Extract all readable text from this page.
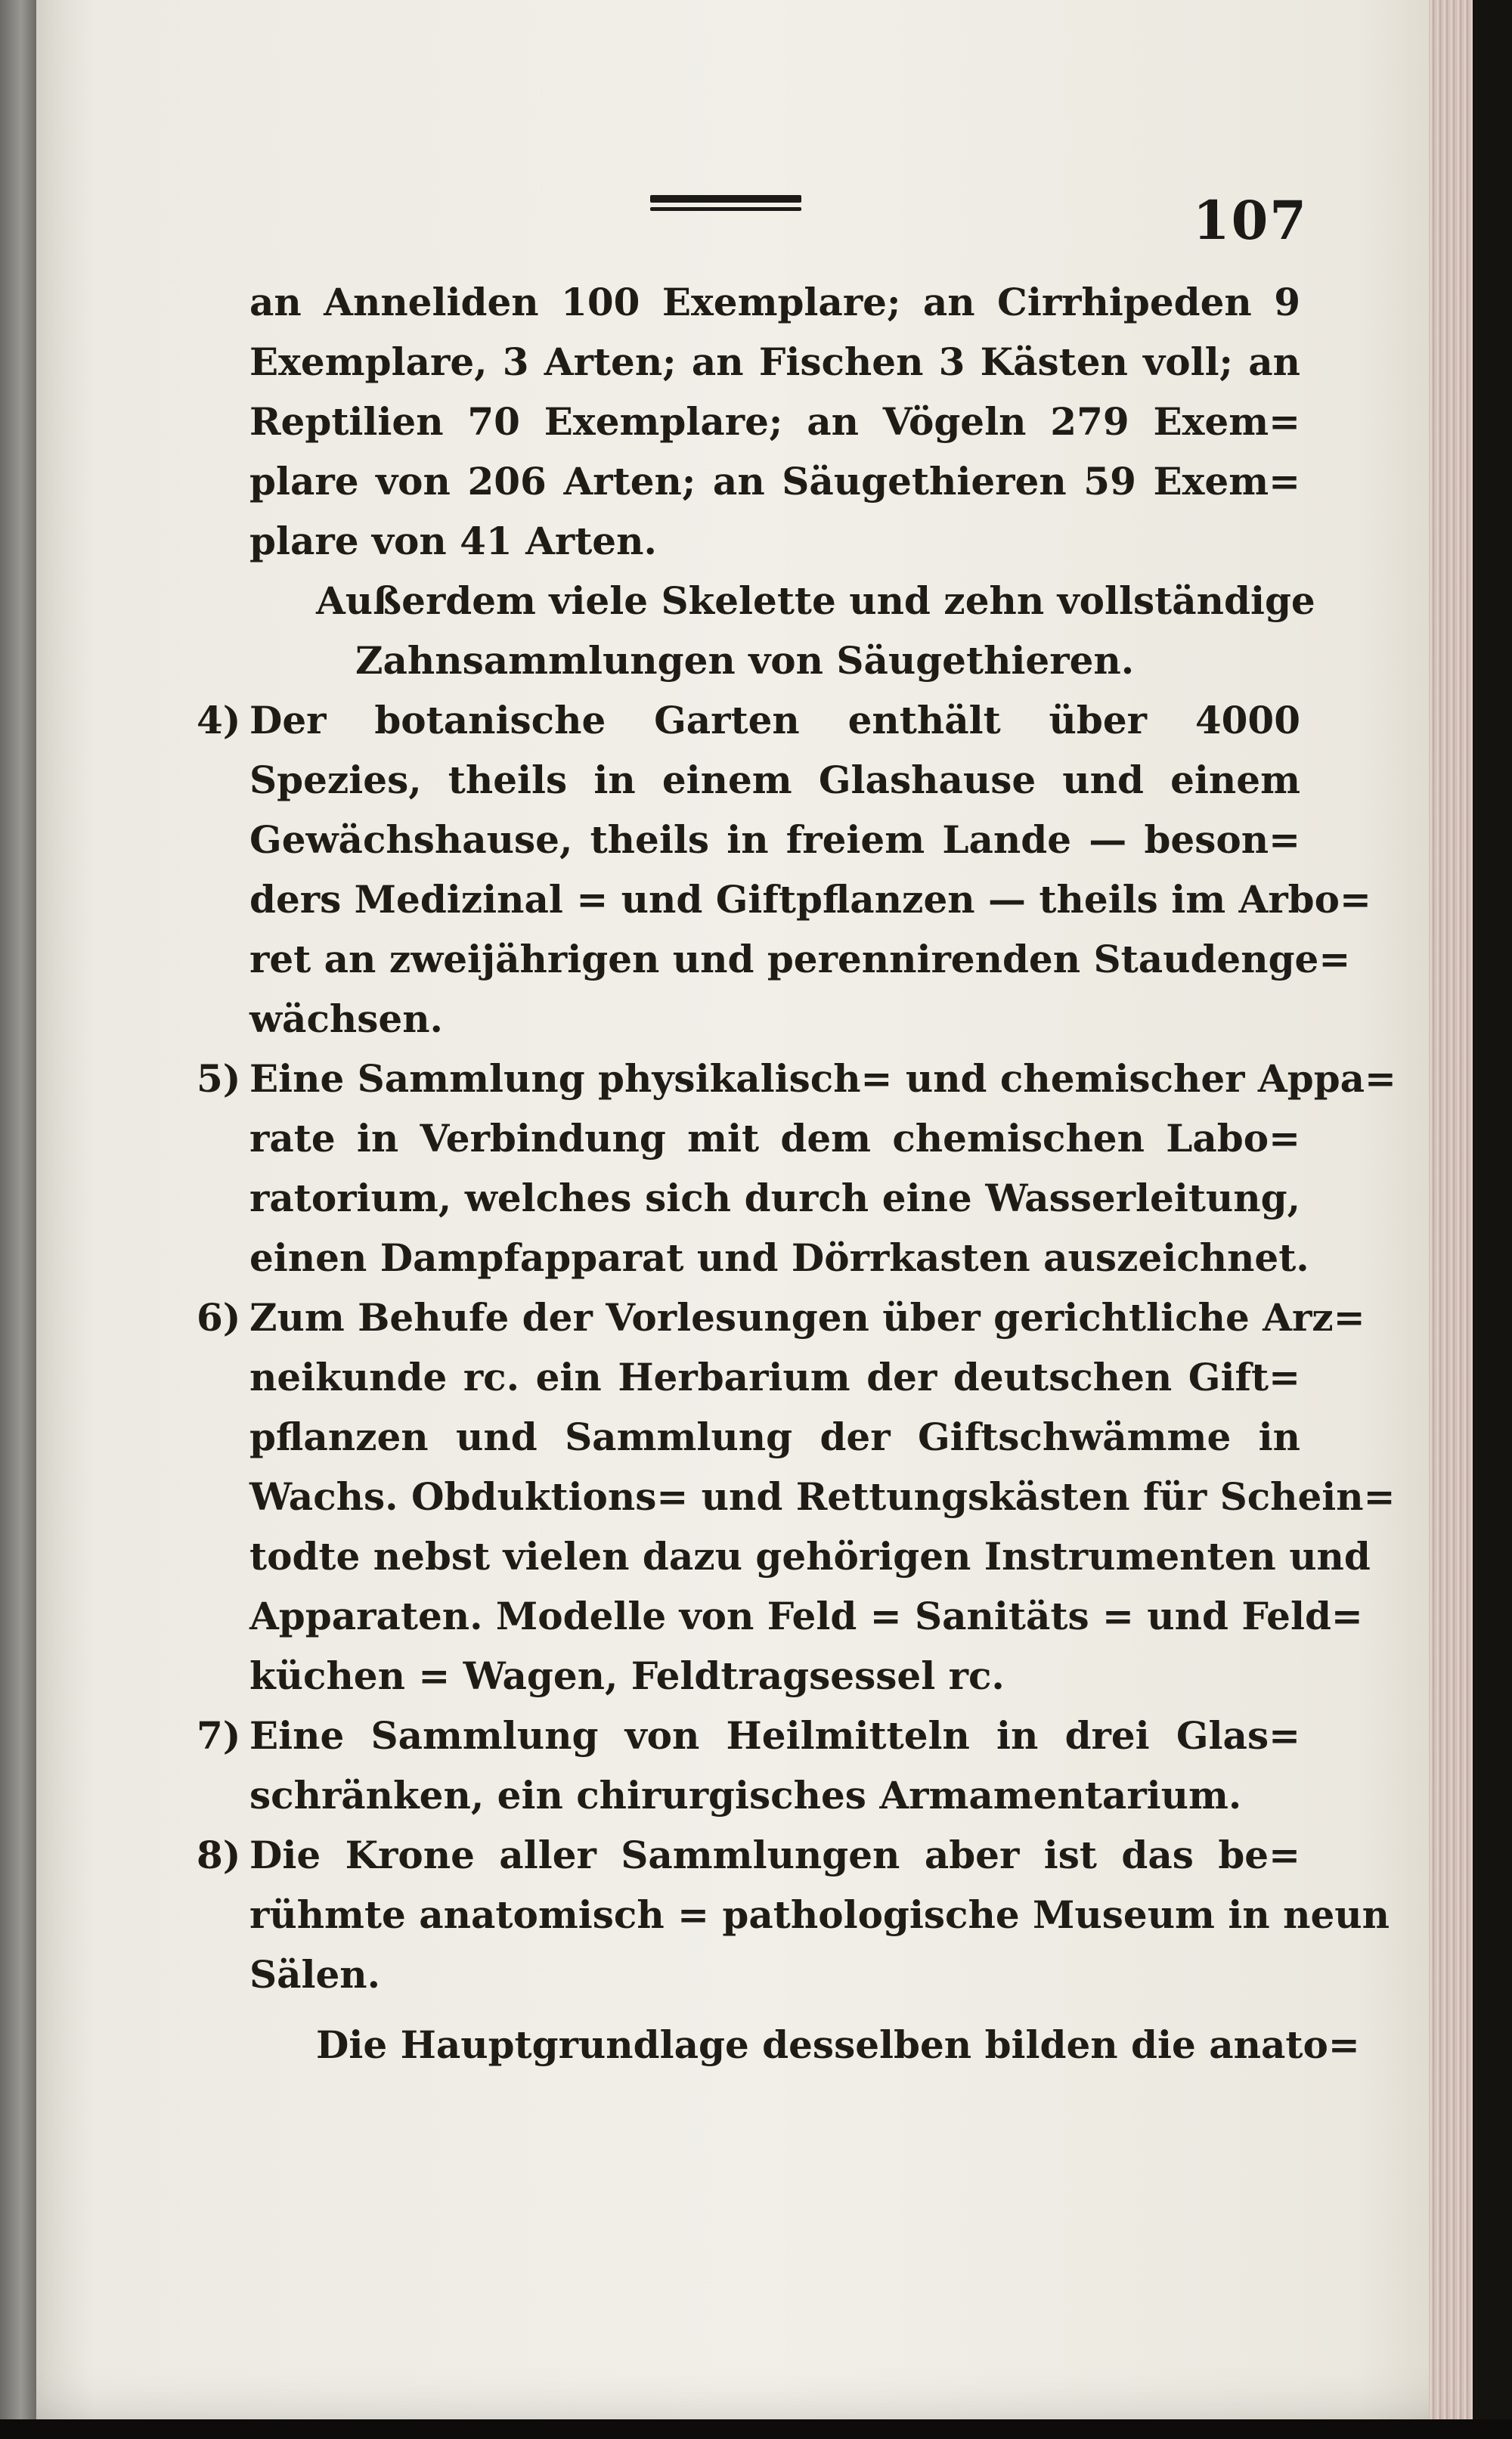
107
an Anneliden 100 Exemplare; an Cirrhipeden 9
Exemplare, 3 Arten; an Fischen 3 Kästen voll; an
Reptilien 70 Exemplare; an Vögeln 279 Exem=
plare von 206 Arten; an Säugethieren 59 Exem=
plare von 41 Arten.
Außerdem viele Skelette und zehn vollständige
Zahnsammlungen von Säugethieren.
4) Der botanische Garten enthält über 4000
Spezies, theils in einem Glashause und einem
Gewächshause, theils in freiem Lande — beson=
ders Medizinal = und Giftpflanzen — theils im Arbo=
ret an zweijährigen und perennirenden Staudenge=
wächsen.
5) Eine Sammlung physikalisch= und chemischer Appa=
rate in Verbindung mit dem chemischen Labo=
ratorium, welches sich durch eine Wasserleitung,
einen Dampfapparat und Dörrkasten auszeichnet.
6) Zum Behufe der Vorlesungen über gerichtliche Arz=
neikunde rc. ein Herbarium der deutschen Gift=
pflanzen und Sammlung der Giftschwämme in
Wachs. Obduktions= und Rettungskästen für Schein=
todte nebst vielen dazu gehörigen Instrumenten und
Apparaten. Modelle von Feld = Sanitäts = und Feld=
küchen = Wagen, Feldtragsessel rc.
7) Eine Sammlung von Heilmitteln in drei Glas=
schränken, ein chirurgisches Armamentarium.
8) Die Krone aller Sammlungen aber ist das be=
rühmte anatomisch = pathologische Museum in neun
Sälen.
Die Hauptgrundlage desselben bilden die anato=
